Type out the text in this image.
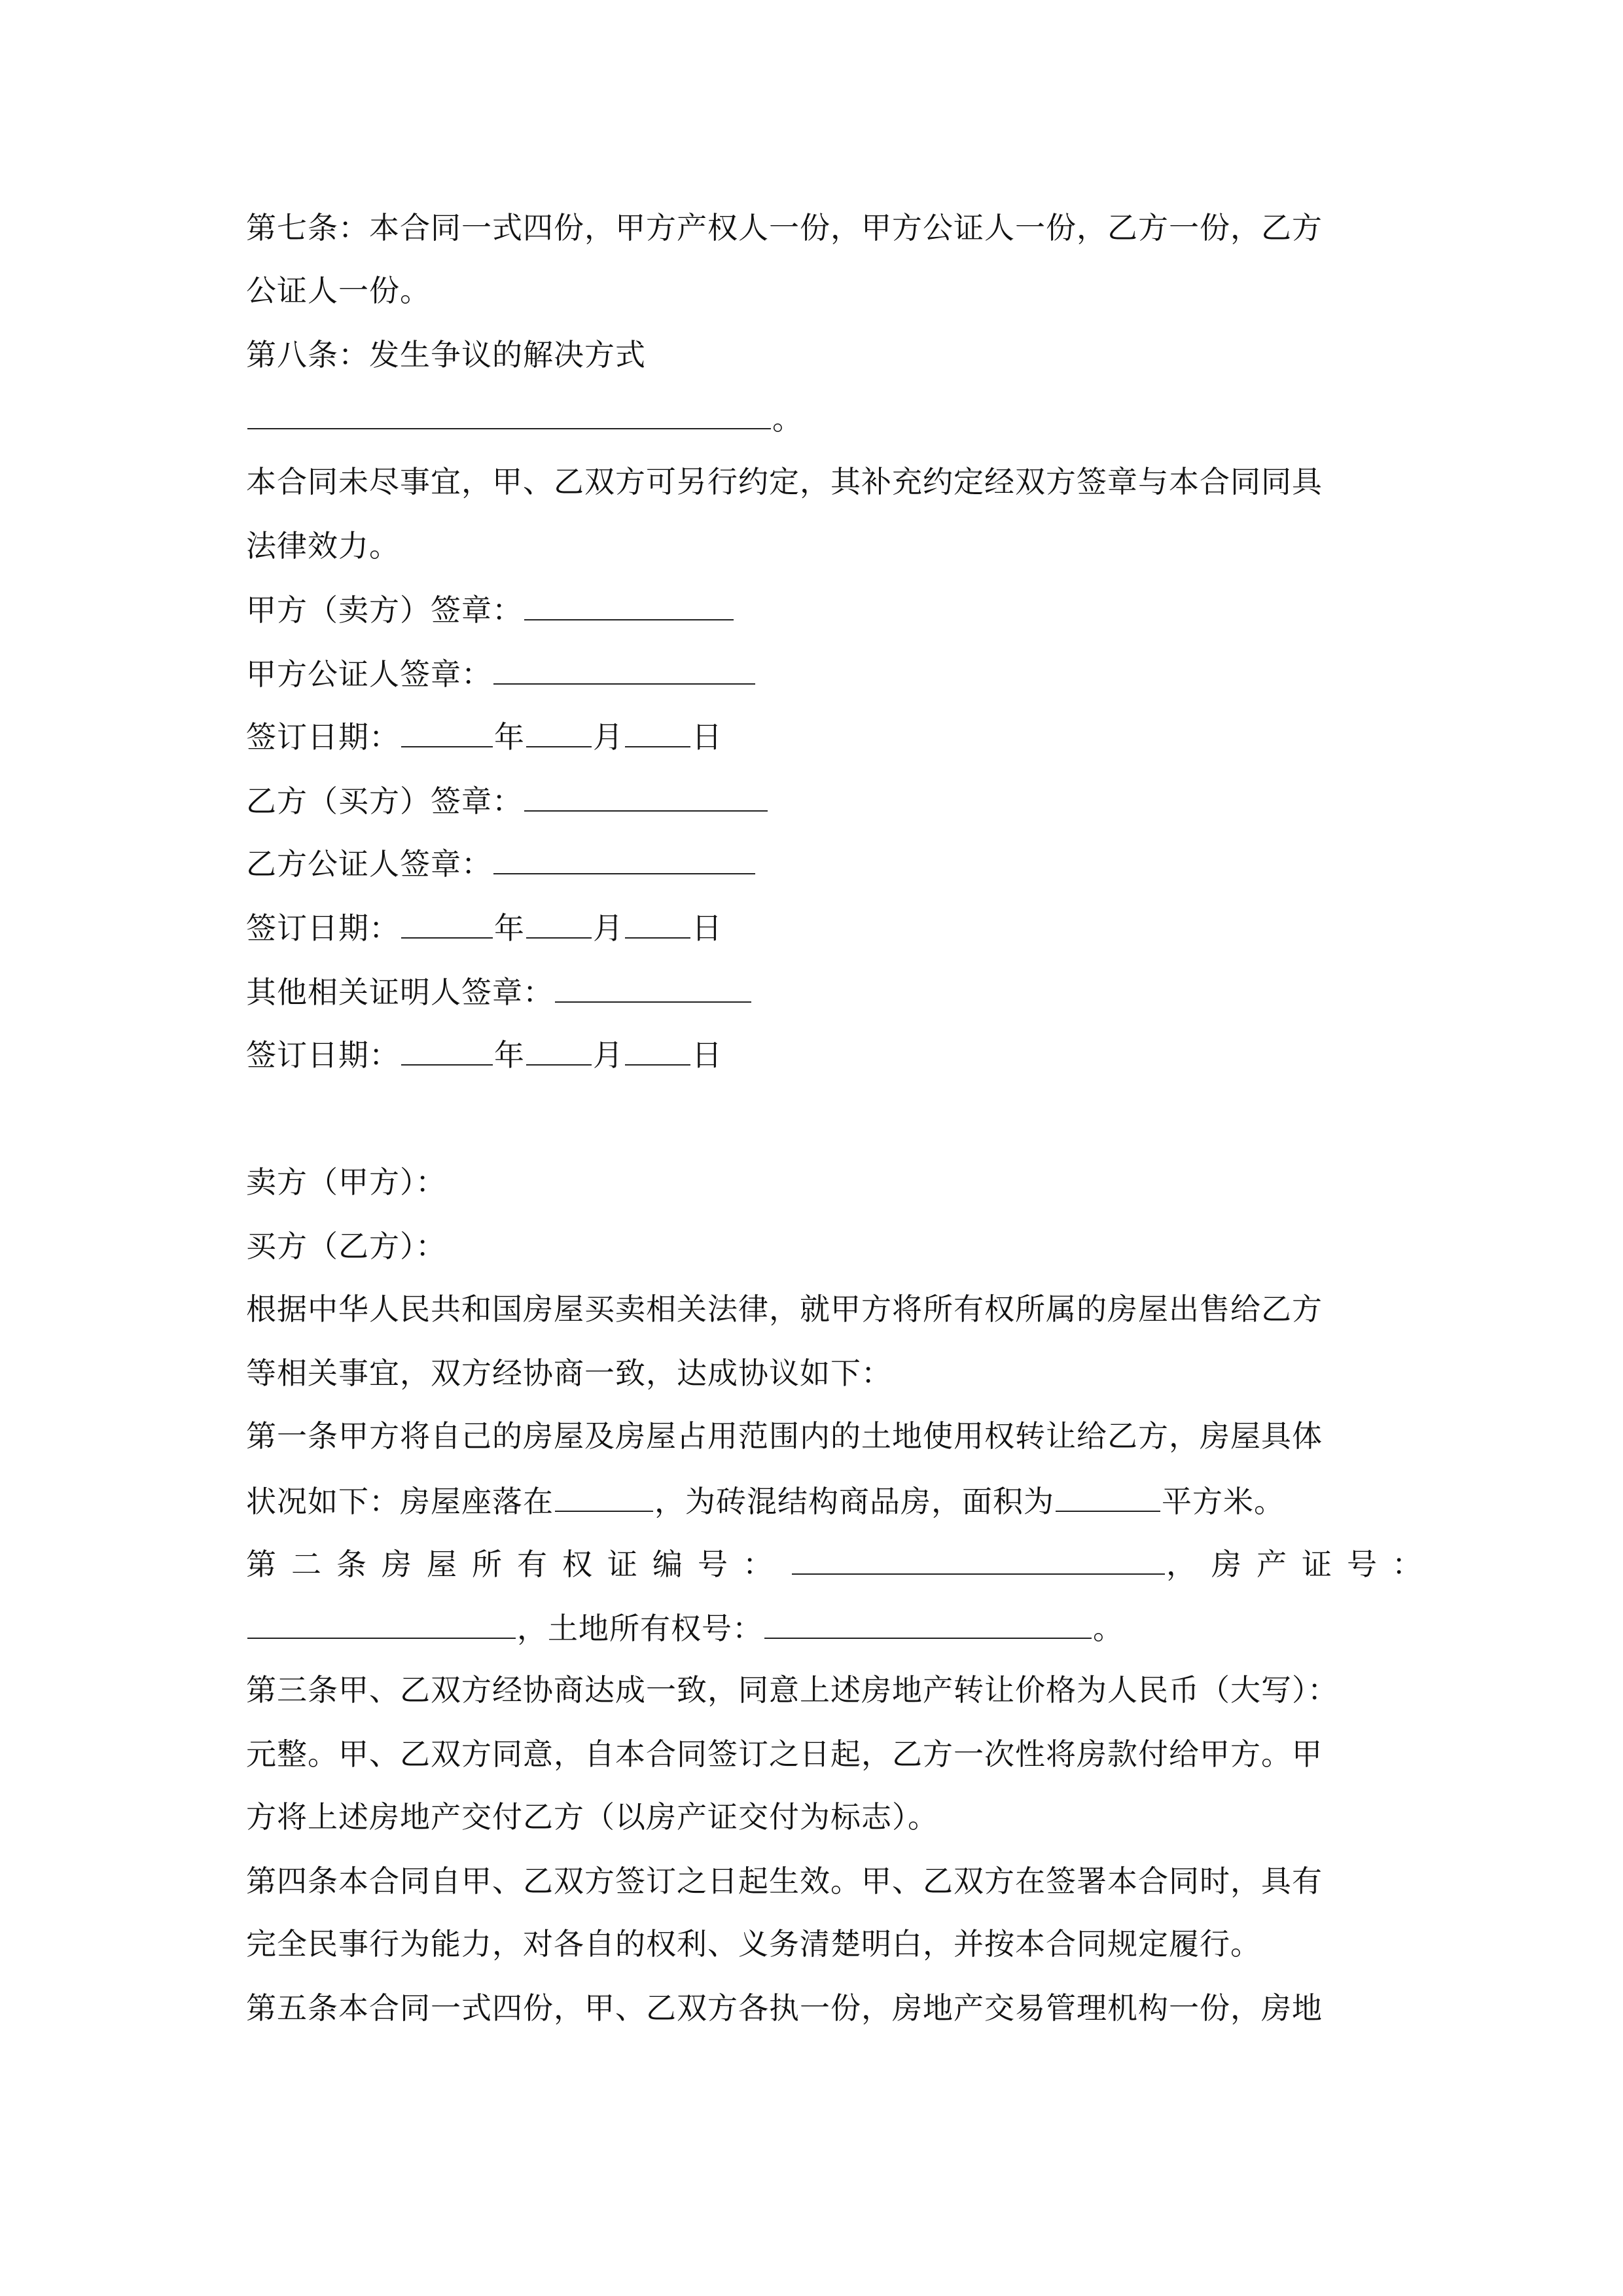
第七条：本合同一式四份，甲方产权人一份，甲方公证人一份，乙方一份，乙方
公证人一份。
第八条：发生争议的解决方式
。
本合同未尽事宜，甲、乙双方可另行约定，其补充约定经双方签章与本合同同具
法律效力。
甲方（卖方）签章：
甲方公证人签章：
签订日期：	年 月 日
乙方（买方）签章：
乙方公证人签章：
签订日期：	年 月 日
其他相关证明人签章：
签订日期：	年 月 日
卖方（甲方）：
买方（乙方）：
根据中华人民共和国房屋买卖相关法律，就甲方将所有权所属的房屋出售给乙方
等相关事宜，双方经协商一致，达成协议如下：
第一条甲方将自己的房屋及房屋占用范围内的土地使用权转让给乙方，房屋具体
状况如下：房屋座落在	，为砖混结构商品房，面积为	平方米。
第二条房屋所有权证编号：	，房产证号：
，土地所有权号：	。
第三条甲、乙双方经协商达成一致，同意上述房地产转让价格为人民币（大写）：
元整。甲、乙双方同意，自本合同签订之日起，乙方一次性将房款付给甲方。甲
方将上述房地产交付乙方（以房产证交付为标志）。
第四条本合同自甲、乙双方签订之日起生效。甲、乙双方在签署本合同时，具有
完全民事行为能力，对各自的权利、义务清楚明白，并按本合同规定履行。
第五条本合同一式四份，甲、乙双方各执一份，房地产交易管理机构一份，房地
